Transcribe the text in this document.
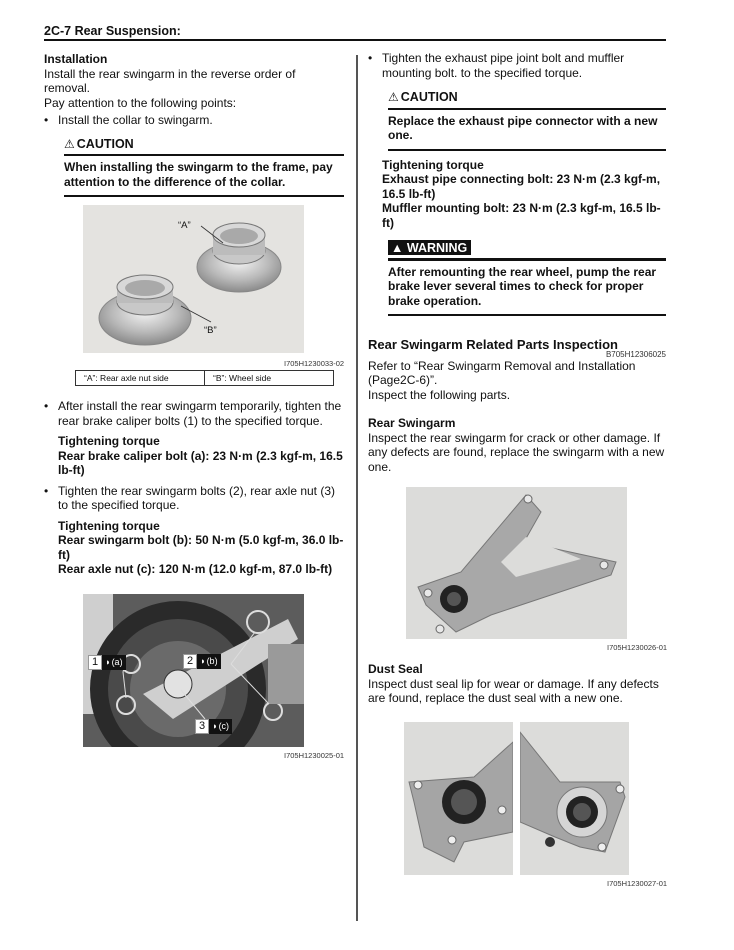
2C-7 Rear Suspension:
Installation

Install the rear swingarm in the reverse order of removal.

Pay attention to the following points:

• Install the collar to swingarm.

⚠ CAUTION
When installing the swingarm to the frame, pay attention to the difference of the collar.
“A”
“B”
I705H1230033-02
“A”: Rear axle nut side	“B”: Wheel side

• After install the rear swingarm temporarily, tighten the rear brake caliper bolts (1) to the specified torque.

Tightening torque
Rear brake caliper bolt (a): 23 N·m (2.3 kgf-m, 16.5 lb-ft)

• Tighten the rear swingarm bolts (2), rear axle nut (3) to the specified torque.

Tightening torque
Rear swingarm bolt (b): 50 N·m (5.0 kgf-m, 36.0 lb-ft)
Rear axle nut (c): 120 N·m (12.0 kgf-m, 87.0 lb-ft)
1 ◗ (a)	2 ◗ (b)
3 ◗ (c)
I705H1230025-01

• Tighten the exhaust pipe joint bolt and muffler mounting bolt. to the specified torque.

⚠ CAUTION
Replace the exhaust pipe connector with a new one.
Tightening torque
Exhaust pipe connecting bolt: 23 N·m (2.3 kgf-m, 16.5 lb-ft)
Muffler mounting bolt: 23 N·m (2.3 kgf-m, 16.5 lb-ft)
▲ WARNING
After remounting the rear wheel, pump the rear brake lever several times to check for proper brake operation.
Rear Swingarm Related Parts Inspection
B705H12306025

Refer to “Rear Swingarm Removal and Installation (Page2C-6)”.

Inspect the following parts.

Rear Swingarm

Inspect the rear swingarm for crack or other damage. If any defects are found, replace the swingarm with a new one.

I705H1230026-01
Dust Seal

Inspect dust seal lip for wear or damage. If any defects are found, replace the dust seal with a new one.

I705H1230027-01
